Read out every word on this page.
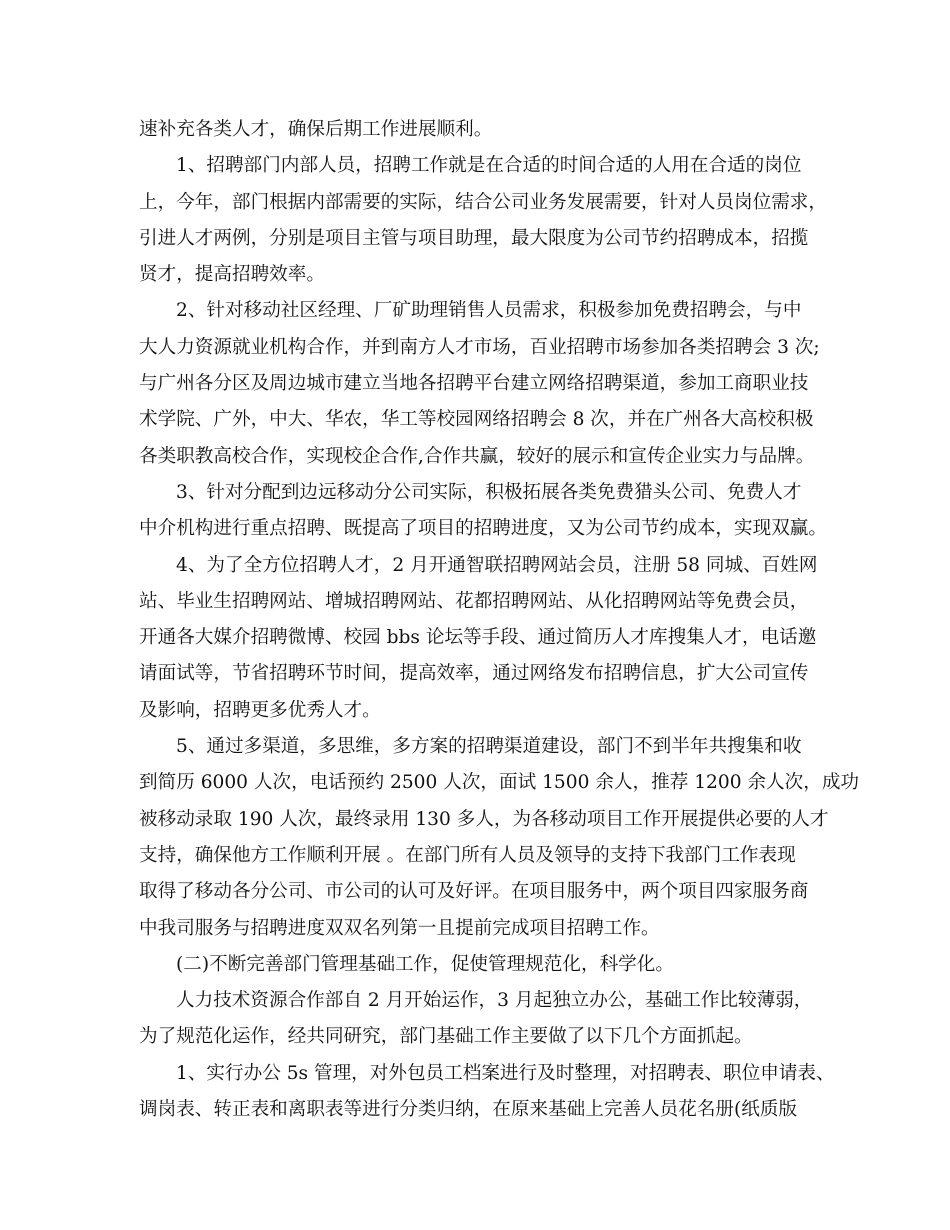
速补充各类人才，确保后期工作进展顺利。
1、招聘部门内部人员，招聘工作就是在合适的时间合适的人用在合适的岗位
上，今年，部门根据内部需要的实际，结合公司业务发展需要，针对人员岗位需求，
引进人才两例，分别是项目主管与项目助理，最大限度为公司节约招聘成本，招揽
贤才，提高招聘效率。
2、针对移动社区经理、厂矿助理销售人员需求，积极参加免费招聘会，与中
大人力资源就业机构合作，并到南方人才市场，百业招聘市场参加各类招聘会 3 次;
与广州各分区及周边城市建立当地各招聘平台建立网络招聘渠道，参加工商职业技
术学院、广外，中大、华农，华工等校园网络招聘会 8 次，并在广州各大高校积极
各类职教高校合作，实现校企合作,合作共赢，较好的展示和宣传企业实力与品牌。
3、针对分配到边远移动分公司实际，积极拓展各类免费猎头公司、免费人才
中介机构进行重点招聘、既提高了项目的招聘进度，又为公司节约成本，实现双赢。
4、为了全方位招聘人才，2 月开通智联招聘网站会员，注册 58 同城、百姓网
站、毕业生招聘网站、增城招聘网站、花都招聘网站、从化招聘网站等免费会员，
开通各大媒介招聘微博、校园 bbs 论坛等手段、通过简历人才库搜集人才，电话邀
请面试等，节省招聘环节时间，提高效率，通过网络发布招聘信息，扩大公司宣传
及影响，招聘更多优秀人才。
5、通过多渠道，多思维，多方案的招聘渠道建设，部门不到半年共搜集和收
到简历 6000 人次，电话预约 2500 人次，面试 1500 余人，推荐 1200 余人次，成功
被移动录取 190 人次，最终录用 130 多人，为各移动项目工作开展提供必要的人才
支持，确保他方工作顺利开展 。在部门所有人员及领导的支持下我部门工作表现
取得了移动各分公司、市公司的认可及好评。在项目服务中，两个项目四家服务商
中我司服务与招聘进度双双名列第一且提前完成项目招聘工作。
(二)不断完善部门管理基础工作，促使管理规范化，科学化。
人力技术资源合作部自 2 月开始运作，3 月起独立办公，基础工作比较薄弱，
为了规范化运作，经共同研究，部门基础工作主要做了以下几个方面抓起。
1、实行办公 5s 管理，对外包员工档案进行及时整理，对招聘表、职位申请表、
调岗表、转正表和离职表等进行分类归纳，在原来基础上完善人员花名册(纸质版
